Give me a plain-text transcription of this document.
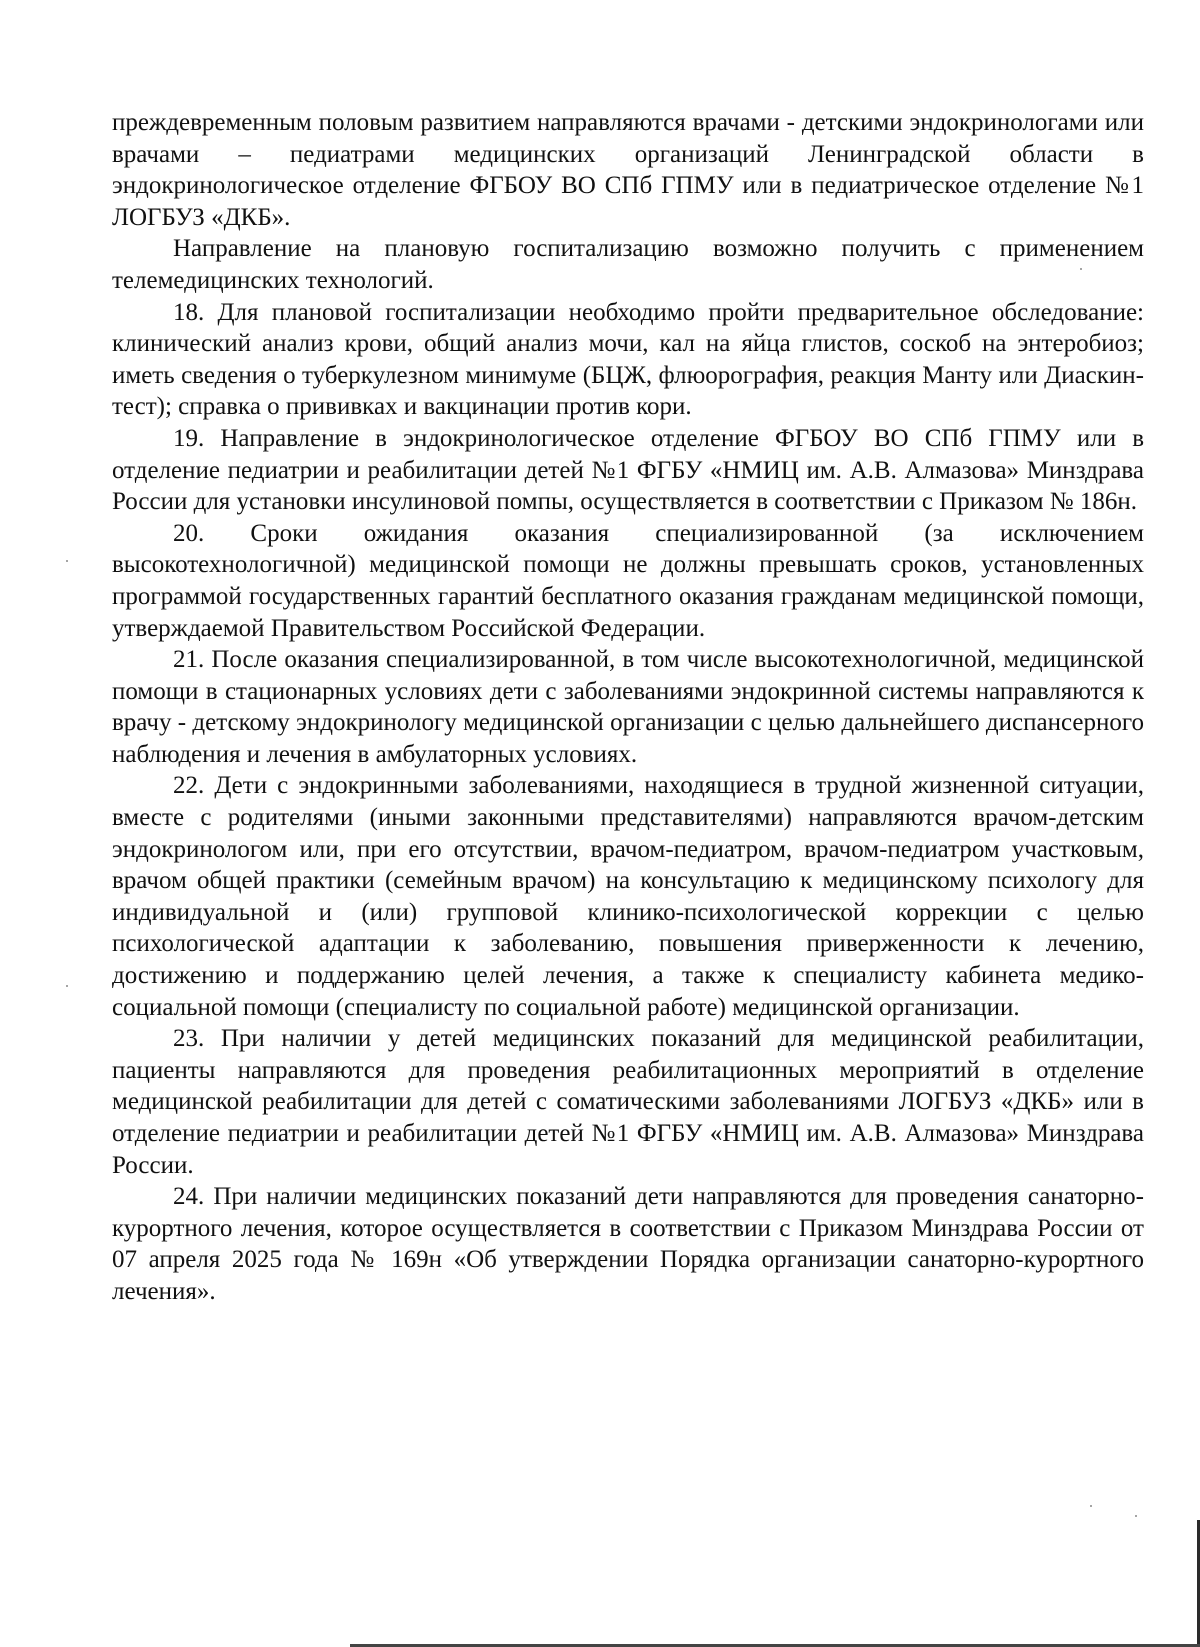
преждевременным половым развитием направляются врачами - детскими эндокринологами или врачами – педиатрами медицинских организаций Ленинградской области в эндокринологическое отделение ФГБОУ ВО СПб ГПМУ или в педиатрическое отделение №1 ЛОГБУЗ «ДКБ».

Направление на плановую госпитализацию возможно получить с применением телемедицинских технологий.

18. Для плановой госпитализации необходимо пройти предварительное обследование: клинический анализ крови, общий анализ мочи, кал на яйца глистов, соскоб на энтеробиоз; иметь сведения о туберкулезном минимуме (БЦЖ, флюорография, реакция Манту или Диаскин-тест); справка о прививках и вакцинации против кори.

19. Направление в эндокринологическое отделение ФГБОУ ВО СПб ГПМУ или в отделение педиатрии и реабилитации детей №1 ФГБУ «НМИЦ им. А.В. Алмазова» Минздрава России для установки инсулиновой помпы, осуществляется в соответствии с Приказом № 186н.

20. Сроки ожидания оказания специализированной (за исключением высокотехнологичной) медицинской помощи не должны превышать сроков, установленных программой государственных гарантий бесплатного оказания гражданам медицинской помощи, утверждаемой Правительством Российской Федерации.

21. После оказания специализированной, в том числе высокотехнологичной, медицинской помощи в стационарных условиях дети с заболеваниями эндокринной системы направляются к врачу - детскому эндокринологу медицинской организации с целью дальнейшего диспансерного наблюдения и лечения в амбулаторных условиях.

22. Дети с эндокринными заболеваниями, находящиеся в трудной жизненной ситуации, вместе с родителями (иными законными представителями) направляются врачом-детским эндокринологом или, при его отсутствии, врачом-педиатром, врачом-педиатром участковым, врачом общей практики (семейным врачом) на консультацию к медицинскому психологу для индивидуальной и (или) групповой клинико-психологической коррекции с целью психологической адаптации к заболеванию, повышения приверженности к лечению, достижению и поддержанию целей лечения, а также к специалисту кабинета медико-социальной помощи (специалисту по социальной работе) медицинской организации.

23. При наличии у детей медицинских показаний для медицинской реабилитации, пациенты направляются для проведения реабилитационных мероприятий в отделение медицинской реабилитации для детей с соматическими заболеваниями ЛОГБУЗ «ДКБ» или в отделение педиатрии и реабилитации детей №1 ФГБУ «НМИЦ им. А.В. Алмазова» Минздрава России.

24. При наличии медицинских показаний дети направляются для проведения санаторно-курортного лечения, которое осуществляется в соответствии с Приказом Минздрава России от 07 апреля 2025 года № 169н «Об утверждении Порядка организации санаторно-курортного лечения».
